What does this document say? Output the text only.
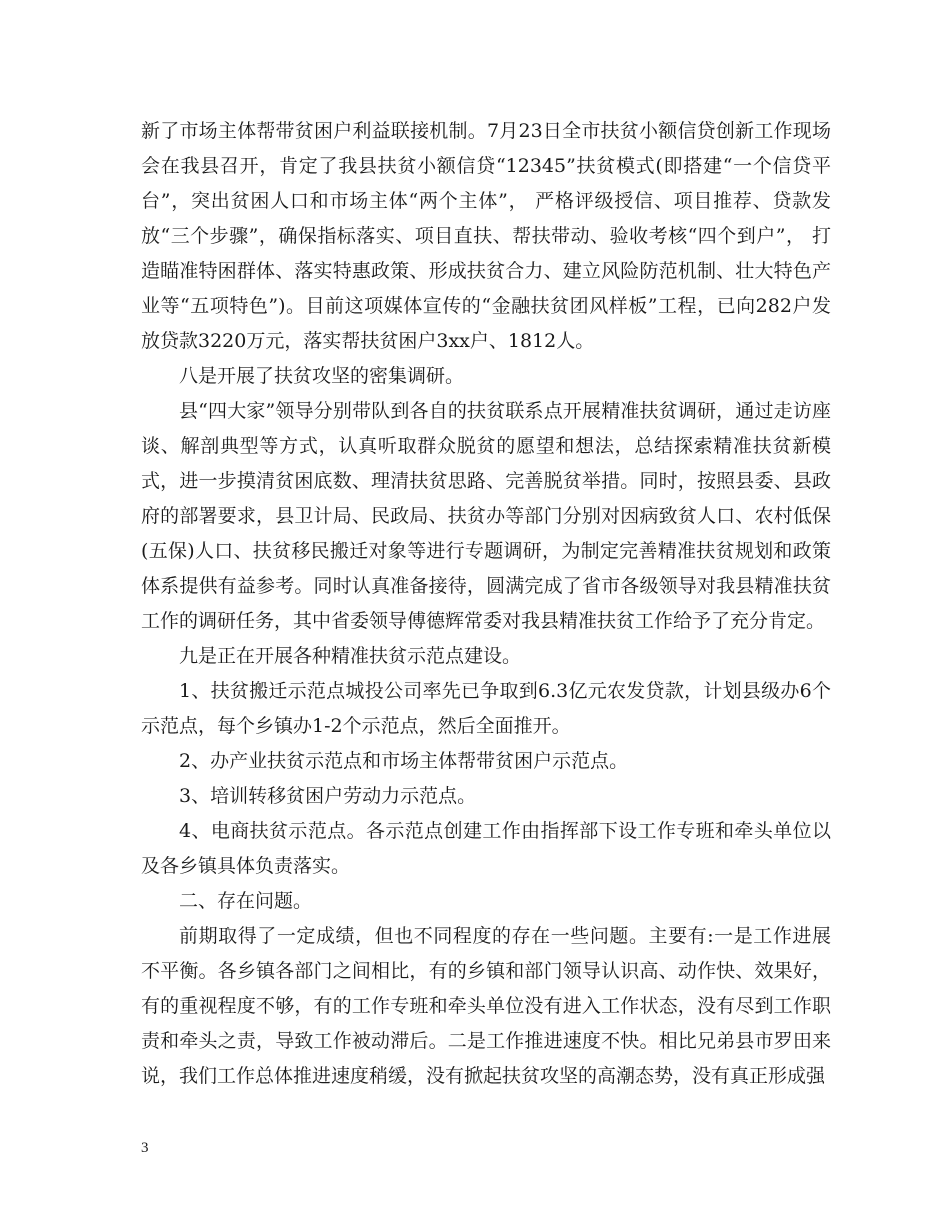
新了市场主体帮带贫困户利益联接机制。7月23日全市扶贫小额信贷创新工作现场会在我县召开，肯定了我县扶贫小额信贷“12345”扶贫模式(即搭建“一个信贷平台”，突出贫困人口和市场主体“两个主体”， 严格评级授信、项目推荐、贷款发放“三个步骤”，确保指标落实、项目直扶、帮扶带动、验收考核“四个到户”， 打造瞄准特困群体、落实特惠政策、形成扶贫合力、建立风险防范机制、壮大特色产业等“五项特色”)。目前这项媒体宣传的“金融扶贫团风样板”工程，已向282户发放贷款3220万元，落实帮扶贫困户3xx户、1812人。

八是开展了扶贫攻坚的密集调研。

县“四大家”领导分别带队到各自的扶贫联系点开展精准扶贫调研，通过走访座谈、解剖典型等方式，认真听取群众脱贫的愿望和想法，总结探索精准扶贫新模式，进一步摸清贫困底数、理清扶贫思路、完善脱贫举措。同时，按照县委、县政府的部署要求，县卫计局、民政局、扶贫办等部门分别对因病致贫人口、农村低保(五保)人口、扶贫移民搬迁对象等进行专题调研，为制定完善精准扶贫规划和政策体系提供有益参考。同时认真准备接待，圆满完成了省市各级领导对我县精准扶贫工作的调研任务，其中省委领导傅德辉常委对我县精准扶贫工作给予了充分肯定。

九是正在开展各种精准扶贫示范点建设。

1、扶贫搬迁示范点城投公司率先已争取到6.3亿元农发贷款，计划县级办6个示范点，每个乡镇办1-2个示范点，然后全面推开。

2、办产业扶贫示范点和市场主体帮带贫困户示范点。

3、培训转移贫困户劳动力示范点。

4、电商扶贫示范点。各示范点创建工作由指挥部下设工作专班和牵头单位以及各乡镇具体负责落实。

二、存在问题。

前期取得了一定成绩，但也不同程度的存在一些问题。主要有:一是工作进展不平衡。各乡镇各部门之间相比，有的乡镇和部门领导认识高、动作快、效果好，有的重视程度不够，有的工作专班和牵头单位没有进入工作状态，没有尽到工作职责和牵头之责，导致工作被动滞后。二是工作推进速度不快。相比兄弟县市罗田来说，我们工作总体推进速度稍缓，没有掀起扶贫攻坚的高潮态势，没有真正形成强

3
